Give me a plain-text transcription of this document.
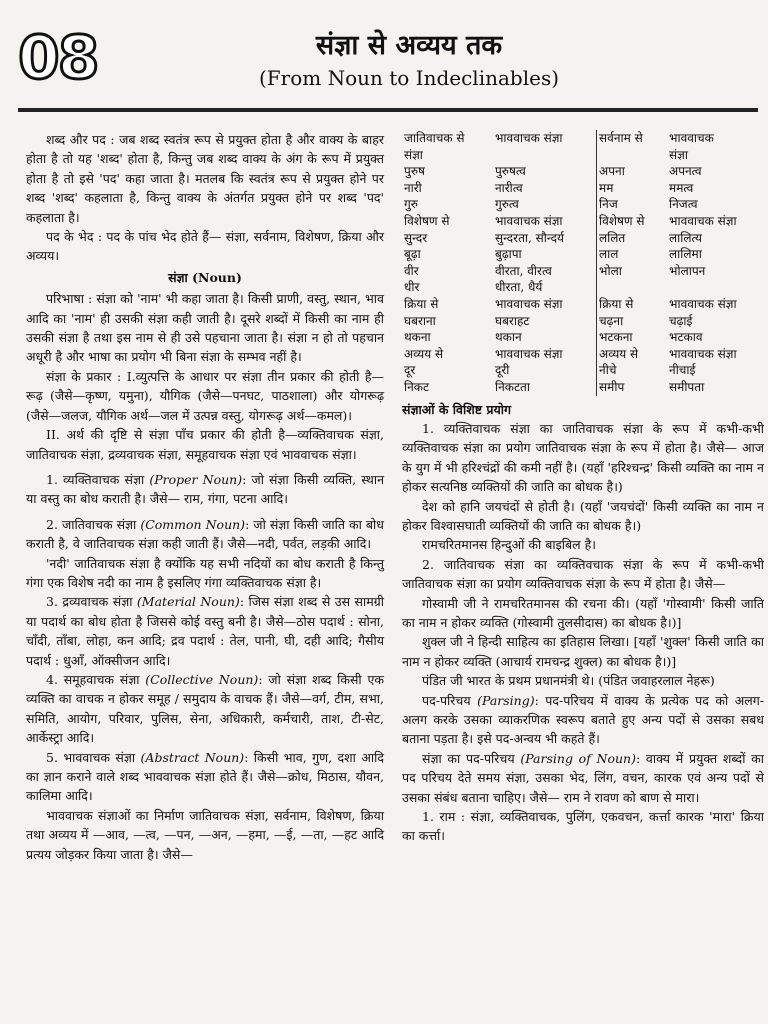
08	संज्ञा से अव्यय तक
(From Noun to Indeclinables)

शब्द और पद : जब शब्द स्वतंत्र रूप से प्रयुक्त होता है और वाक्य के बाहर होता है तो यह 'शब्द' होता है, किन्तु जब शब्द वाक्य के अंग के रूप में प्रयुक्त होता है तो इसे 'पद' कहा जाता है। मतलब कि स्वतंत्र रूप से प्रयुक्त होने पर शब्द 'शब्द' कहलाता है, किन्तु वाक्य के अंतर्गत प्रयुक्त होने पर शब्द 'पद' कहलाता है।

पद के भेद : पद के पांच भेद होते हैं— संज्ञा, सर्वनाम, विशेषण, क्रिया और अव्यय।

संज्ञा (Noun)

परिभाषा : संज्ञा को 'नाम' भी कहा जाता है। किसी प्राणी, वस्तु, स्थान, भाव आदि का 'नाम' ही उसकी संज्ञा कही जाती है। दूसरे शब्दों में किसी का नाम ही उसकी संज्ञा है तथा इस नाम से ही उसे पहचाना जाता है। संज्ञा न हो तो पहचान अधूरी है और भाषा का प्रयोग भी बिना संज्ञा के सम्भव नहीं है।

संज्ञा के प्रकार : I.व्युत्पत्ति के आधार पर संज्ञा तीन प्रकार की होती है— रूढ़ (जैसे—कृष्ण, यमुना), यौगिक (जैसे—पनघट, पाठशाला) और योगरूढ़ (जैसे—जलज, यौगिक अर्थ—जल में उत्पन्न वस्तु, योगरूढ़ अर्थ—कमल)।

II. अर्थ की दृष्टि से संज्ञा पाँच प्रकार की होती है—व्यक्तिवाचक संज्ञा, जातिवाचक संज्ञा, द्रव्यवाचक संज्ञा, समूहवाचक संज्ञा एवं भाववाचक संज्ञा।

1. व्यक्तिवाचक संज्ञा (Proper Noun): जो संज्ञा किसी व्यक्ति, स्थान या वस्तु का बोध कराती है। जैसे— राम, गंगा, पटना आदि।

2. जातिवाचक संज्ञा (Common Noun): जो संज्ञा किसी जाति का बोध कराती है, वे जातिवाचक संज्ञा कही जाती हैं। जैसे—नदी, पर्वत, लड़की आदि।

'नदी' जातिवाचक संज्ञा है क्योंकि यह सभी नदियों का बोध कराती है किन्तु गंगा एक विशेष नदी का नाम है इसलिए गंगा व्यक्तिवाचक संज्ञा है।

3. द्रव्यवाचक संज्ञा (Material Noun): जिस संज्ञा शब्द से उस सामग्री या पदार्थ का बोध होता है जिससे कोई वस्तु बनी है। जैसे—ठोस पदार्थ : सोना, चाँदी, ताँबा, लोहा, कन आदि; द्रव पदार्थ : तेल, पानी, घी, दही आदि; गैसीय पदार्थ : धुआँ, ऑक्सीजन आदि।

4. समूहवाचक संज्ञा (Collective Noun): जो संज्ञा शब्द किसी एक व्यक्ति का वाचक न होकर समूह / समुदाय के वाचक हैं। जैसे—वर्ग, टीम, सभा, समिति, आयोग, परिवार, पुलिस, सेना, अधिकारी, कर्मचारी, ताश, टी-सेट, आर्केस्ट्रा आदि।

5. भाववाचक संज्ञा (Abstract Noun): किसी भाव, गुण, दशा आदि का ज्ञान कराने वाले शब्द भाववाचक संज्ञा होते हैं। जैसे—क्रोध, मिठास, यौवन, कालिमा आदि।

भाववाचक संज्ञाओं का निर्माण जातिवाचक संज्ञा, सर्वनाम, विशेषण, क्रिया तथा अव्यय में —आव, —त्व, —पन, —अन, —हमा, —ई, —ता, —हट आदि प्रत्यय जोड़कर किया जाता है। जैसे—

जातिवाचक से	भाववाचक संज्ञा	सर्वनाम से	भाववाचक
संज्ञा			संज्ञा
पुरुष	पुरुषत्व	अपना	अपनत्व
नारी	नारीत्व	मम	ममत्व
गुरु	गुरुत्व	निज	निजत्व
विशेषण से	भाववाचक संज्ञा	विशेषण से	भाववाचक संज्ञा
सुन्दर	सुन्दरता, सौन्दर्य	ललित	लालित्य
बूढ़ा	बुढ़ापा	लाल	लालिमा
वीर	वीरता, वीरत्व	भोला	भोलापन
धीर	धीरता, धैर्य		
क्रिया से	भाववाचक संज्ञा	क्रिया से	भाववाचक संज्ञा
घबराना	घबराहट	चढ़ना	चढ़ाई
थकना	थकान	भटकना	भटकाव
अव्यय से	भाववाचक संज्ञा	अव्यय से	भाववाचक संज्ञा
दूर	दूरी	नीचे	नीचाई
निकट	निकटता	समीप	समीपता

संज्ञाओं के विशिष्ट प्रयोग

1. व्यक्तिवाचक संज्ञा का जातिवाचक संज्ञा के रूप में कभी-कभी व्यक्तिवाचक संज्ञा का प्रयोग जातिवाचक संज्ञा के रूप में होता है। जैसे— आज के युग में भी हरिश्चंद्रों की कमी नहीं है। (यहाँ 'हरिश्चन्द्र' किसी व्यक्ति का नाम न होकर सत्यनिष्ठ व्यक्तियों की जाति का बोधक है।)

देश को हानि जयचंदों से होती है। (यहाँ 'जयचंदों' किसी व्यक्ति का नाम न होकर विश्वासघाती व्यक्तियों की जाति का बोधक है।)

रामचरितमानस हिन्दुओं की बाइबिल है।

2. जातिवाचक संज्ञा का व्यक्तिवचाक संज्ञा के रूप में कभी-कभी जातिवाचक संज्ञा का प्रयोग व्यक्तिवाचक संज्ञा के रूप में होता है। जैसे—

गोस्वामी जी ने रामचरितमानस की रचना की। (यहाँ 'गोस्वामी' किसी जाति का नाम न होकर व्यक्ति (गोस्वामी तुलसीदास) का बोधक है।)]

शुक्ल जी ने हिन्दी साहित्य का इतिहास लिखा। [यहाँ 'शुक्ल' किसी जाति का नाम न होकर व्यक्ति (आचार्य रामचन्द्र शुक्ल) का बोधक है।)]

पंडित जी भारत के प्रथम प्रधानमंत्री थे। (पंडित जवाहरलाल नेहरू)

पद-परिचय (Parsing): पद-परिचय में वाक्य के प्रत्येक पद को अलग-अलग करके उसका व्याकरणिक स्वरूप बताते हुए अन्य पदों से उसका सबध बताना पड़ता है। इसे पद-अन्वय भी कहते हैं।

संज्ञा का पद-परिचय (Parsing of Noun): वाक्य में प्रयुक्त शब्दों का पद परिचय देते समय संज्ञा, उसका भेद, लिंग, वचन, कारक एवं अन्य पदों से उसका संबंध बताना चाहिए। जैसे— राम ने रावण को बाण से मारा।

1. राम : संज्ञा, व्यक्तिवाचक, पुलिंग, एकवचन, कर्त्ता कारक 'मारा' क्रिया का कर्त्ता।
